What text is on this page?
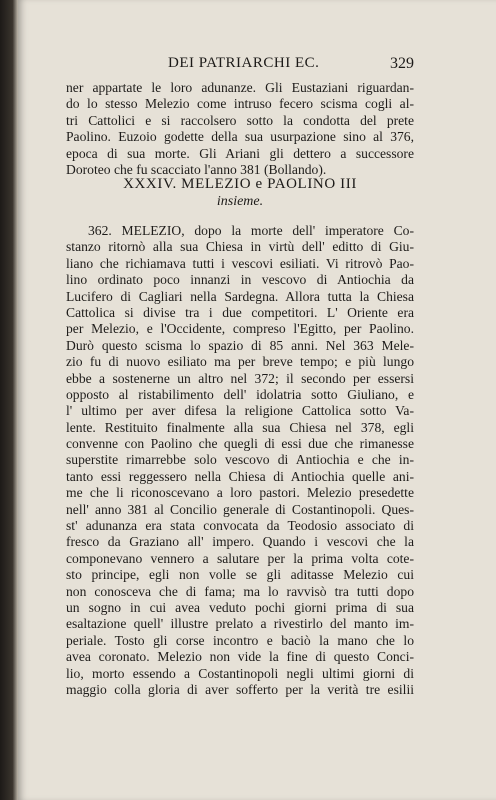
DEI PATRIARCHI EC.	329
ner appartate le loro adunanze. Gli Eustaziani riguardan-
do lo stesso Melezio come intruso fecero scisma cogli al-
tri Cattolici e si raccolsero sotto la condotta del prete
Paolino. Euzoio godette della sua usurpazione sino al 376,
epoca di sua morte. Gli Ariani gli dettero a successore
Doroteo che fu scacciato l'anno 381 (Bollando).
XXXIV. MELEZIO e PAOLINO III
insieme.
362. MELEZIO, dopo la morte dell' imperatore Co-
stanzo ritornò alla sua Chiesa in virtù dell' editto di Giu-
liano che richiamava tutti i vescovi esiliati. Vi ritrovò Pao-
lino ordinato poco innanzi in vescovo di Antiochia da
Lucifero di Cagliari nella Sardegna. Allora tutta la Chiesa
Cattolica si divise tra i due competitori. L' Oriente era
per Melezio, e l'Occidente, compreso l'Egitto, per Paolino.
Durò questo scisma lo spazio di 85 anni. Nel 363 Mele-
zio fu di nuovo esiliato ma per breve tempo; e più lungo
ebbe a sostenerne un altro nel 372; il secondo per essersi
opposto al ristabilimento dell' idolatria sotto Giuliano, e
l' ultimo per aver difesa la religione Cattolica sotto Va-
lente. Restituito finalmente alla sua Chiesa nel 378, egli
convenne con Paolino che quegli di essi due che rimanesse
superstite rimarrebbe solo vescovo di Antiochia e che in-
tanto essi reggessero nella Chiesa di Antiochia quelle ani-
me che li riconoscevano a loro pastori. Melezio presedette
nell' anno 381 al Concilio generale di Costantinopoli. Ques-
st' adunanza era stata convocata da Teodosio associato di
fresco da Graziano all' impero. Quando i vescovi che la
componevano vennero a salutare per la prima volta cote-
sto principe, egli non volle se gli aditasse Melezio cui
non conosceva che di fama; ma lo ravvisò tra tutti dopo
un sogno in cui avea veduto pochi giorni prima di sua
esaltazione quell' illustre prelato a rivestirlo del manto im-
periale. Tosto gli corse incontro e baciò la mano che lo
avea coronato. Melezio non vide la fine di questo Conci-
lio, morto essendo a Costantinopoli negli ultimi giorni di
maggio colla gloria di aver sofferto per la verità tre esilii
